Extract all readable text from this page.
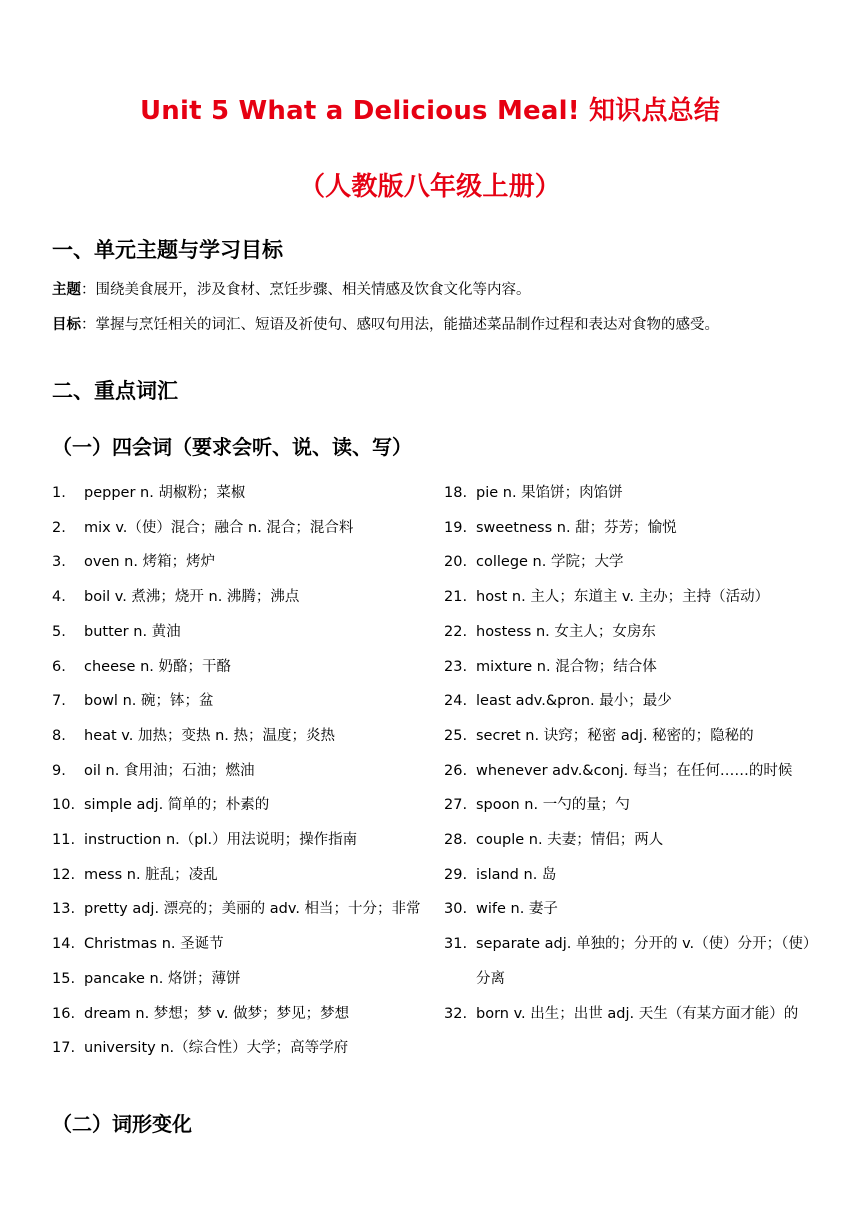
Unit 5 What a Delicious Meal! 知识点总结
（人教版八年级上册）
一、单元主题与学习目标
主题：围绕美食展开，涉及食材、烹饪步骤、相关情感及饮食文化等内容。
目标：掌握与烹饪相关的词汇、短语及祈使句、感叹句用法，能描述菜品制作过程和表达对食物的感受。
二、重点词汇
（一）四会词（要求会听、说、读、写）
1. pepper n. 胡椒粉；菜椒
2. mix v.（使）混合；融合 n. 混合；混合料
3. oven n. 烤箱；烤炉
4. boil v. 煮沸；烧开 n. 沸腾；沸点
5. butter n. 黄油
6. cheese n. 奶酪；干酪
7. bowl n. 碗；钵；盆
8. heat v. 加热；变热 n. 热；温度；炎热
9. oil n. 食用油；石油；燃油
10. simple adj. 简单的；朴素的
11. instruction n.（pl.）用法说明；操作指南
12. mess n. 脏乱；凌乱
13. pretty adj. 漂亮的；美丽的 adv. 相当；十分；非常
14. Christmas n. 圣诞节
15. pancake n. 烙饼；薄饼
16. dream n. 梦想；梦 v. 做梦；梦见；梦想
17. university n.（综合性）大学；高等学府
18. pie n. 果馅饼；肉馅饼
19. sweetness n. 甜；芬芳；愉悦
20. college n. 学院；大学
21. host n. 主人；东道主 v. 主办；主持（活动）
22. hostess n. 女主人；女房东
23. mixture n. 混合物；结合体
24. least adv.&pron. 最小；最少
25. secret n. 诀窍；秘密 adj. 秘密的；隐秘的
26. whenever adv.&conj. 每当；在任何……的时候
27. spoon n. 一勺的量；勺
28. couple n. 夫妻；情侣；两人
29. island n. 岛
30. wife n. 妻子
31. separate adj. 单独的；分开的 v.（使）分开；（使）分离
32. born v. 出生；出世 adj. 天生（有某方面才能）的
（二）词形变化
